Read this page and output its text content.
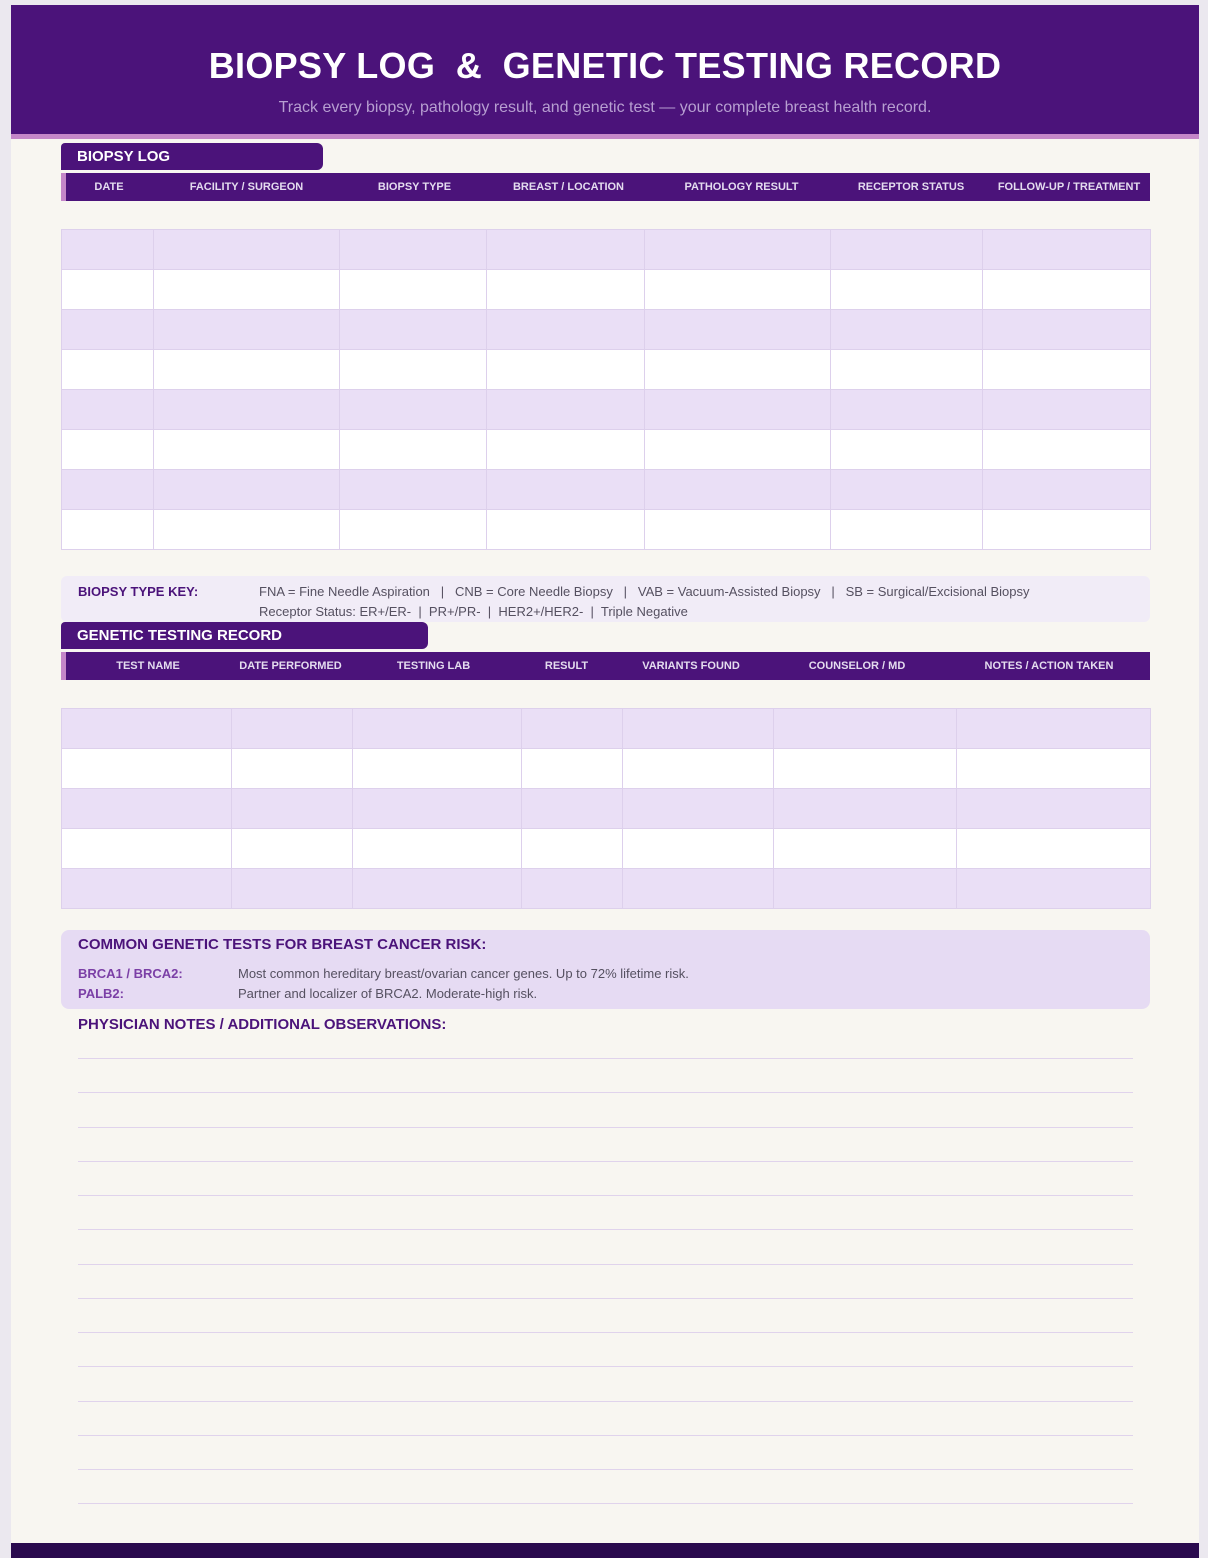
BIOPSY LOG  &  GENETIC TESTING RECORD
Track every biopsy, pathology result, and genetic test — your complete breast health record.
BIOPSY LOG
DATE	FACILITY / SURGEON	BIOPSY TYPE	BREAST / LOCATION	PATHOLOGY RESULT	RECEPTOR STATUS	FOLLOW-UP / TREATMENT

BIOPSY TYPE KEY:	FNA = Fine Needle Aspiration   |   CNB = Core Needle Biopsy   |   VAB = Vacuum-Assisted Biopsy   |   SB = Surgical/Excisional Biopsy
Receptor Status: ER+/ER-  |  PR+/PR-  |  HER2+/HER2-  |  Triple Negative
GENETIC TESTING RECORD
TEST NAME	DATE PERFORMED	TESTING LAB	RESULT	VARIANTS FOUND	COUNSELOR / MD	NOTES / ACTION TAKEN

COMMON GENETIC TESTS FOR BREAST CANCER RISK:
BRCA1 / BRCA2:	Most common hereditary breast/ovarian cancer genes. Up to 72% lifetime risk.
PALB2:	Partner and localizer of BRCA2. Moderate-high risk.
PHYSICIAN NOTES / ADDITIONAL OBSERVATIONS:
